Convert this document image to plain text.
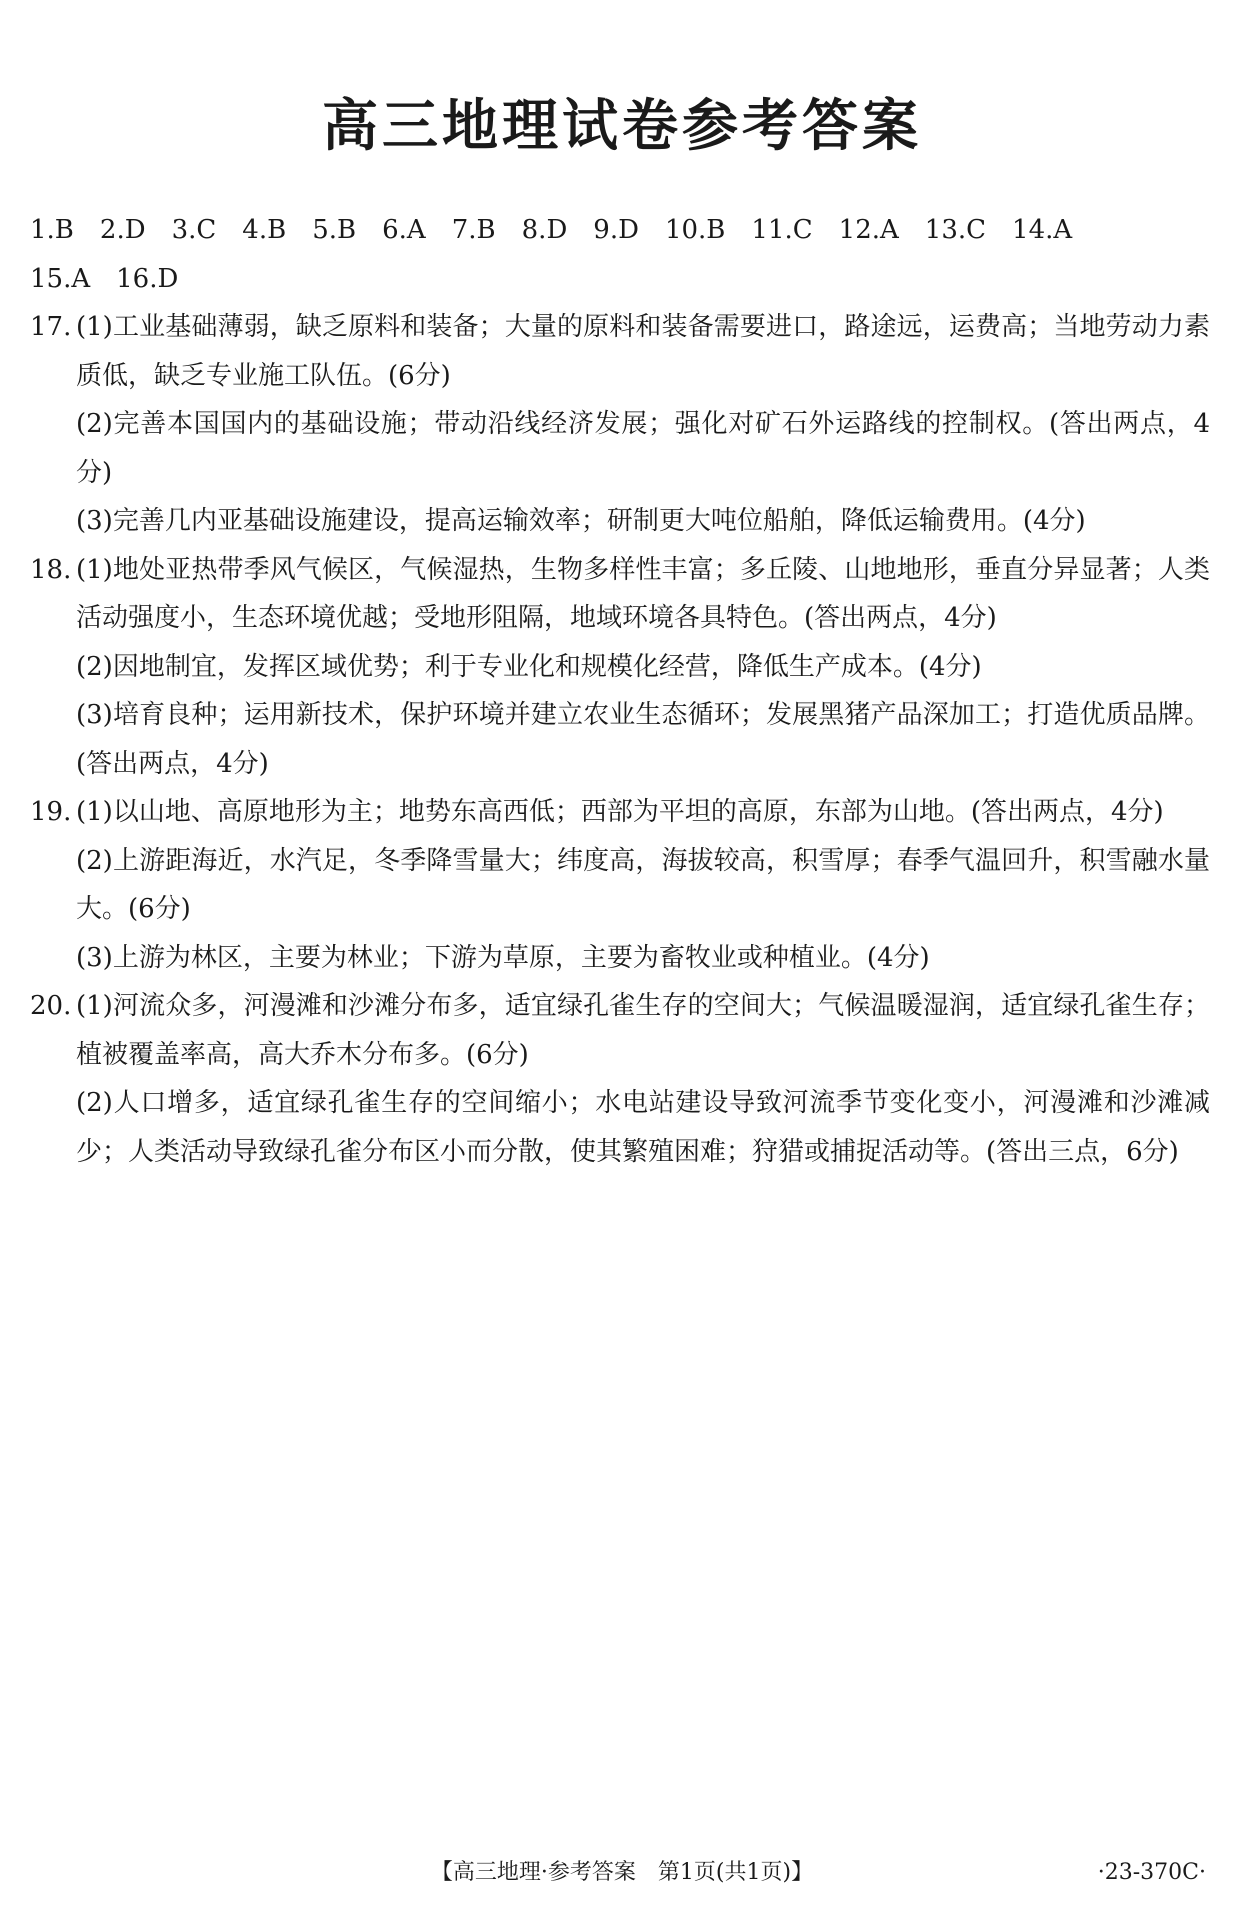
高三地理试卷参考答案
1.B 2.D 3.C 4.B 5.B 6.A 7.B 8.D 9.D 10.B 11.C 12.A 13.C 14.A
15.A 16.D
17. (1)工业基础薄弱，缺乏原料和装备；大量的原料和装备需要进口，路途远，运费高；当地劳动力素质低，缺乏专业施工队伍。(6分)
(2)完善本国国内的基础设施；带动沿线经济发展；强化对矿石外运路线的控制权。(答出两点，4分)
(3)完善几内亚基础设施建设，提高运输效率；研制更大吨位船舶，降低运输费用。(4分)
18. (1)地处亚热带季风气候区，气候湿热，生物多样性丰富；多丘陵、山地地形，垂直分异显著；人类活动强度小，生态环境优越；受地形阻隔，地域环境各具特色。(答出两点，4分)
(2)因地制宜，发挥区域优势；利于专业化和规模化经营，降低生产成本。(4分)
(3)培育良种；运用新技术，保护环境并建立农业生态循环；发展黑猪产品深加工；打造优质品牌。(答出两点，4分)
19. (1)以山地、高原地形为主；地势东高西低；西部为平坦的高原，东部为山地。(答出两点，4分)
(2)上游距海近，水汽足，冬季降雪量大；纬度高，海拔较高，积雪厚；春季气温回升，积雪融水量大。(6分)
(3)上游为林区，主要为林业；下游为草原，主要为畜牧业或种植业。(4分)
20. (1)河流众多，河漫滩和沙滩分布多，适宜绿孔雀生存的空间大；气候温暖湿润，适宜绿孔雀生存；植被覆盖率高，高大乔木分布多。(6分)
(2)人口增多，适宜绿孔雀生存的空间缩小；水电站建设导致河流季节变化变小，河漫滩和沙滩减少；人类活动导致绿孔雀分布区小而分散，使其繁殖困难；狩猎或捕捉活动等。(答出三点，6分)
【高三地理·参考答案　第1页(共1页)】	·23-370C·
